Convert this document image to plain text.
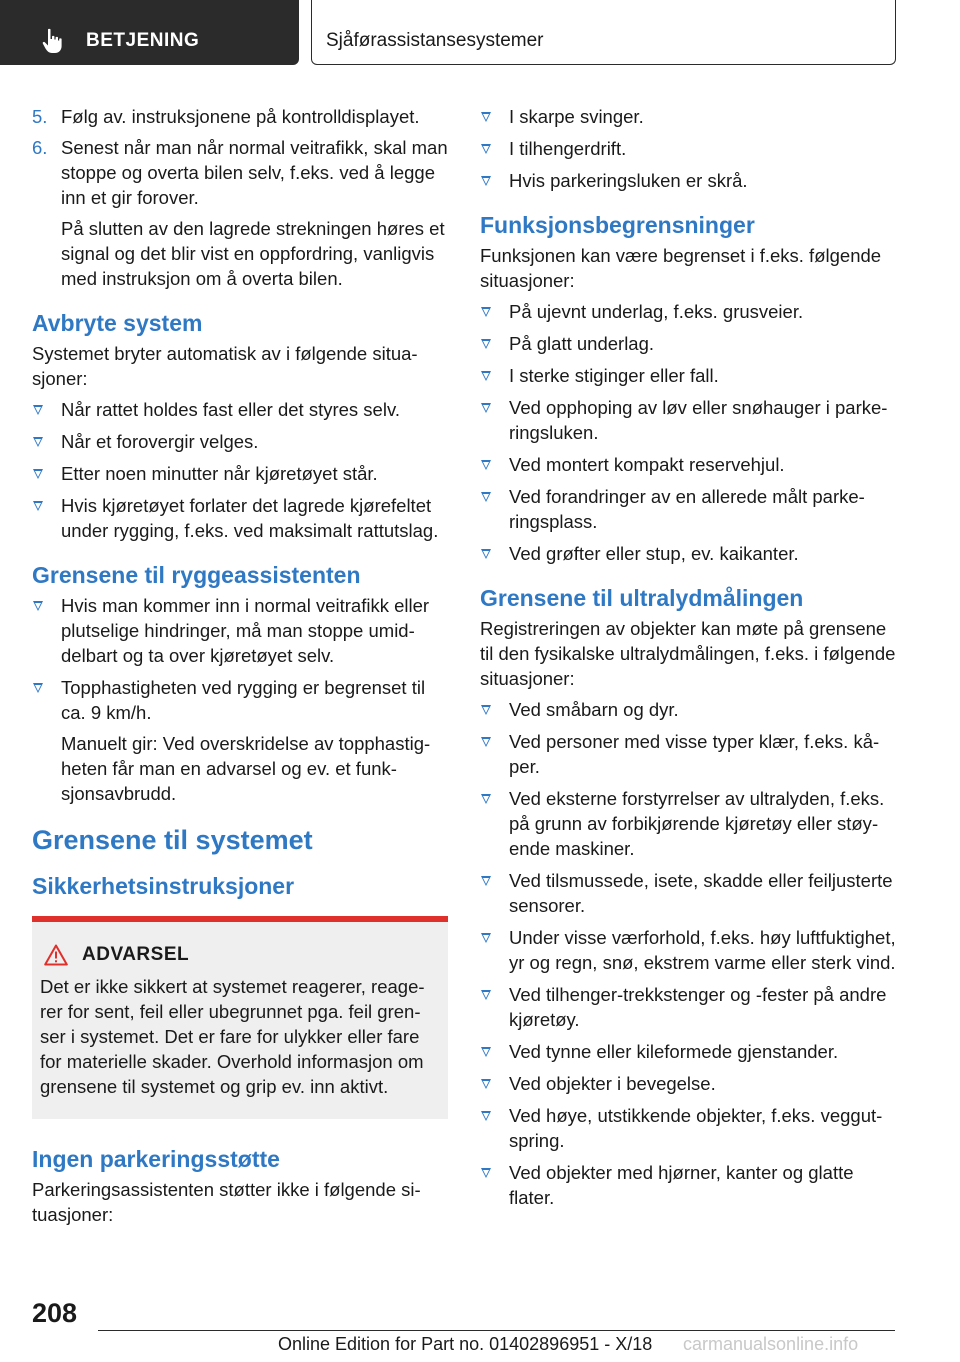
BETJENING	Sjåførassistansesystemer
5. Følg av. instruksjonene på kontrolldisplayet.
6. Senest når man når normal veitrafikk, skal man stoppe og overta bilen selv, f.eks. ved å legge inn et gir forover.
På slutten av den lagrede strekningen høres et signal og det blir vist en oppfordring, vanligvis med instruksjon om å overta bilen.
Avbryte system

Systemet bryter automatisk av i følgende situasjoner:

Når rattet holdes fast eller det styres selv.
Når et forovergir velges.
Etter noen minutter når kjøretøyet står.
Hvis kjøretøyet forlater det lagrede kjørefeltet under rygging, f.eks. ved maksimalt rattutslag.
Grensene til ryggeassistenten
Hvis man kommer inn i normal veitrafikk eller plutselige hindringer, må man stoppe umiddelbart og ta over kjøretøyet selv.
Topphastigheten ved rygging er begrenset til ca. 9 km/h.
Manuelt gir: Ved overskridelse av topphastigheten får man en advarsel og ev. et funksjonsavbrudd.
Grensene til systemet
Sikkerhetsinstruksjoner
ADVARSEL

Det er ikke sikkert at systemet reagerer, reagerer for sent, feil eller ubegrunnet pga. feil grenser i systemet. Det er fare for ulykker eller fare for materielle skader. Overhold informasjon om grensene til systemet og grip ev. inn aktivt.

Ingen parkeringsstøtte

Parkeringsassistenten støtter ikke i følgende situasjoner:

I skarpe svinger.
I tilhengerdrift.
Hvis parkeringsluken er skrå.
Funksjonsbegrensninger

Funksjonen kan være begrenset i f.eks. følgende situasjoner:

På ujevnt underlag, f.eks. grusveier.
På glatt underlag.
I sterke stiginger eller fall.
Ved opphoping av løv eller snøhauger i parkeringsluken.
Ved montert kompakt reservehjul.
Ved forandringer av en allerede målt parkeringsplass.
Ved grøfter eller stup, ev. kaikanter.
Grensene til ultralydmålingen

Registreringen av objekter kan møte på grensene til den fysikalske ultralydmålingen, f.eks. i følgende situasjoner:

Ved småbarn og dyr.
Ved personer med visse typer klær, f.eks. kåper.
Ved eksterne forstyrrelser av ultralyden, f.eks. på grunn av forbikjørende kjøretøy eller støyende maskiner.
Ved tilsmussede, isete, skadde eller feiljusterte sensorer.
Under visse værforhold, f.eks. høy luftfuktighet, yr og regn, snø, ekstrem varme eller sterk vind.
Ved tilhenger-trekkstenger og -fester på andre kjøretøy.
Ved tynne eller kileformede gjenstander.
Ved objekter i bevegelse.
Ved høye, utstikkende objekter, f.eks. veggutspring.
Ved objekter med hjørner, kanter og glatte flater.
208
Online Edition for Part no. 01402896951 - X/18 carmanualsonline.info
